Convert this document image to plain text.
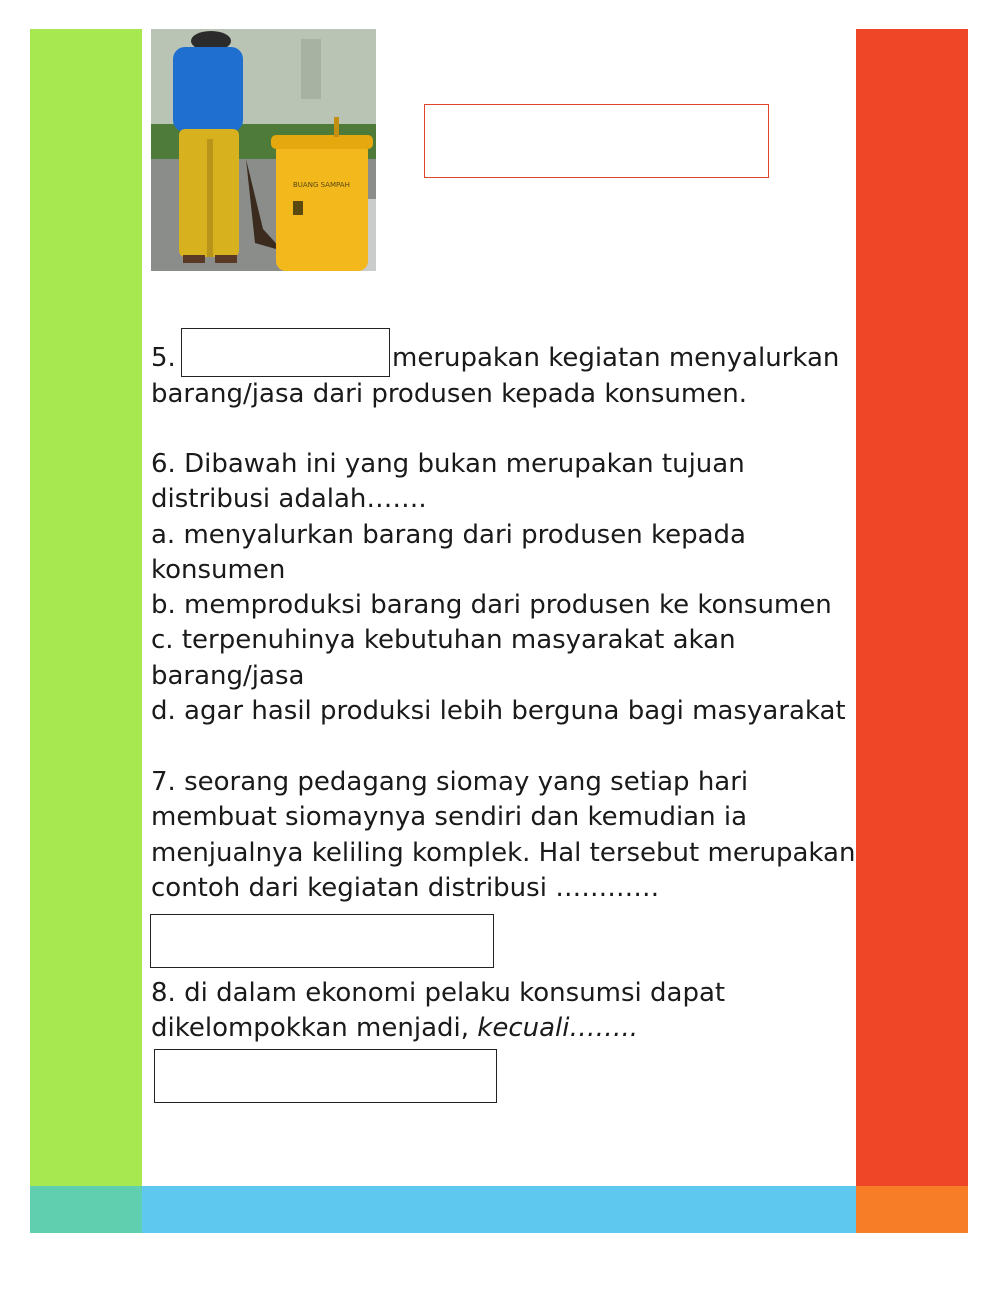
BUANG SAMPAH
5.	merupakan kegiatan menyalurkan
barang/jasa dari produsen kepada konsumen.
6. Dibawah ini yang bukan merupakan tujuan
distribusi adalah…….
a. menyalurkan barang dari produsen kepada
konsumen
b. memproduksi barang dari produsen ke konsumen
c. terpenuhinya kebutuhan masyarakat akan
barang/jasa
d. agar hasil produksi lebih berguna bagi masyarakat
7. seorang pedagang siomay yang setiap hari
membuat siomaynya sendiri dan kemudian ia
menjualnya keliling komplek. Hal tersebut merupakan
contoh dari kegiatan distribusi …………
8. di dalam ekonomi pelaku konsumsi dapat
dikelompokkan menjadi, kecuali……..
